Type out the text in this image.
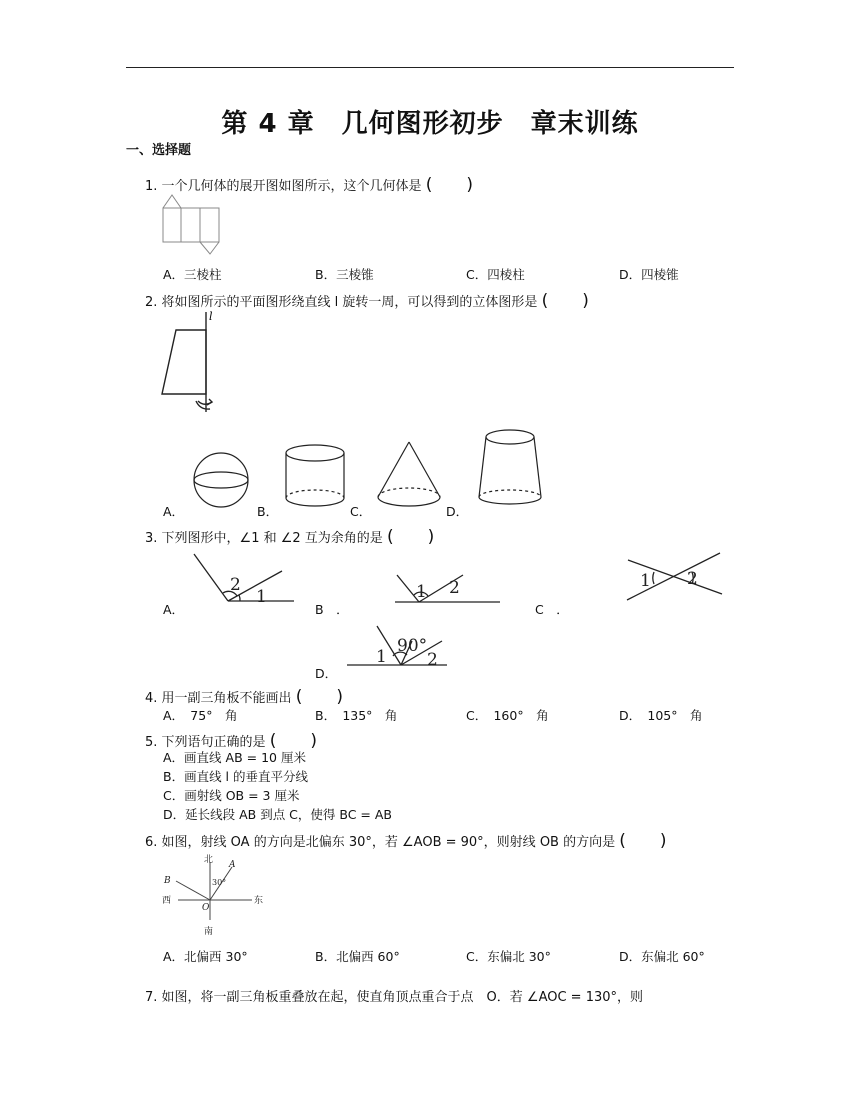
第 4 章　几何图形初步　章末训练
一、选择题
1. 一个几何体的展开图如图所示，这个几何体是 (　　)
A．三棱柱	B．三棱锥	C．四棱柱	D．四棱锥
2. 将如图所示的平面图形绕直线 l 旋转一周，可以得到的立体图形是 (　　)
l
A．	B．	C．	D．
3. 下列图形中，∠1 和 ∠2 互为余角的是 (　　)
2
1	1 2	1 2
90°
1 2
A．	B　．	C　．
D．
4. 用一副三角板不能画出 (　　)
A．　75°　角	B．　135°　角	C．　160°　角	D．　105°　角
5. 下列语句正确的是 (　　)
A．画直线 AB = 10 厘米
B．画直线 l 的垂直平分线
C．画射线 OB = 3 厘米
D．延长线段 AB 到点 C，使得 BC = AB
6. 如图，射线 OA 的方向是北偏东 30°，若 ∠AOB = 90°，则射线 OB 的方向是 (　　)
北
南
东
西
A
B
O
30°
A．北偏西 30°	B．北偏西 60°	C．东偏北 30°	D．东偏北 60°
7. 如图，将一副三角板重叠放在起，使直角顶点重合于点　O．若 ∠AOC = 130°，则
